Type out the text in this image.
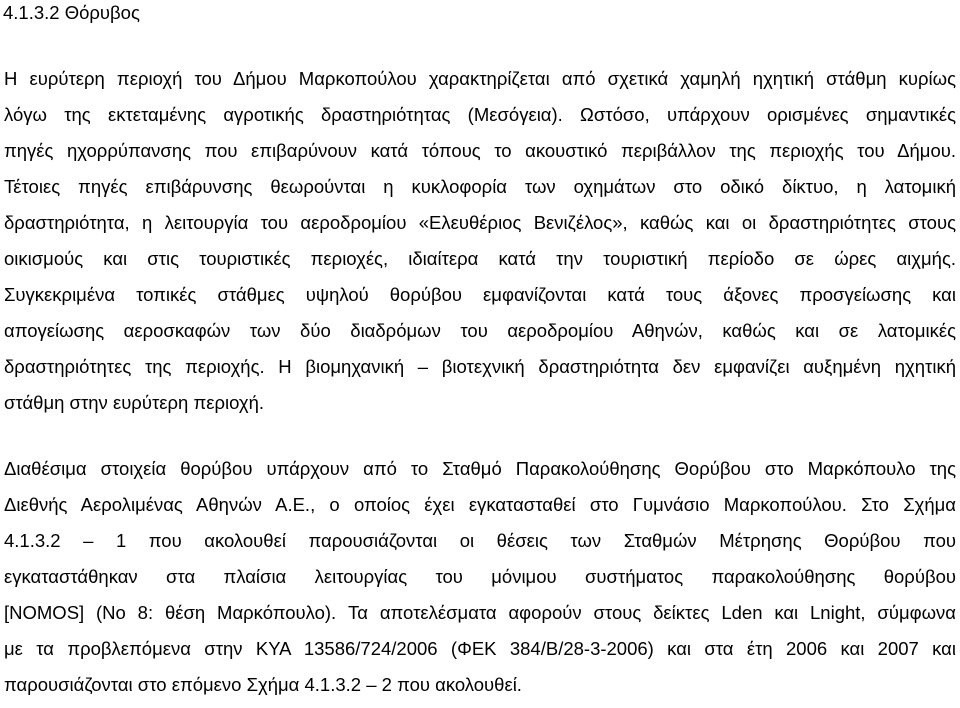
4.1.3.2 Θόρυβος
Η ευρύτερη περιοχή του Δήμου Μαρκοπούλου χαρακτηρίζεται από σχετικά χαμηλή ηχητική στάθμη κυρίως
λόγω της εκτεταμένης αγροτικής δραστηριότητας (Μεσόγεια). Ωστόσο, υπάρχουν ορισμένες σημαντικές
πηγές ηχορρύπανσης που επιβαρύνουν κατά τόπους το ακουστικό περιβάλλον της περιοχής του Δήμου.
Τέτοιες πηγές επιβάρυνσης θεωρούνται η κυκλοφορία των οχημάτων στο οδικό δίκτυο, η λατομική
δραστηριότητα, η λειτουργία του αεροδρομίου «Ελευθέριος Βενιζέλος», καθώς και οι δραστηριότητες στους
οικισμούς και στις τουριστικές περιοχές, ιδιαίτερα κατά την τουριστική περίοδο σε ώρες αιχμής.
Συγκεκριμένα τοπικές στάθμες υψηλού θορύβου εμφανίζονται κατά τους άξονες προσγείωσης και
απογείωσης αεροσκαφών των δύο διαδρόμων του αεροδρομίου Αθηνών, καθώς και σε λατομικές
δραστηριότητες της περιοχής. Η βιομηχανική – βιοτεχνική δραστηριότητα δεν εμφανίζει αυξημένη ηχητική
στάθμη στην ευρύτερη περιοχή.
Διαθέσιμα στοιχεία θορύβου υπάρχουν από το Σταθμό Παρακολούθησης Θορύβου στο Μαρκόπουλο της
Διεθνής Αερολιμένας Αθηνών Α.Ε., ο οποίος έχει εγκατασταθεί στο Γυμνάσιο Μαρκοπούλου. Στο Σχήμα
4.1.3.2 – 1 που ακολουθεί παρουσιάζονται οι θέσεις των Σταθμών Μέτρησης Θορύβου που
εγκαταστάθηκαν στα πλαίσια λειτουργίας του μόνιμου συστήματος παρακολούθησης θορύβου
[NOMOS] (Νο 8: θέση Μαρκόπουλο). Τα αποτελέσματα αφορούν στους δείκτες Lden και Lnight, σύμφωνα
με τα προβλεπόμενα στην ΚΥΑ 13586/724/2006 (ΦΕΚ 384/Β/28-3-2006) και στα έτη 2006 και 2007 και
παρουσιάζονται στο επόμενο Σχήμα 4.1.3.2 – 2 που ακολουθεί.
